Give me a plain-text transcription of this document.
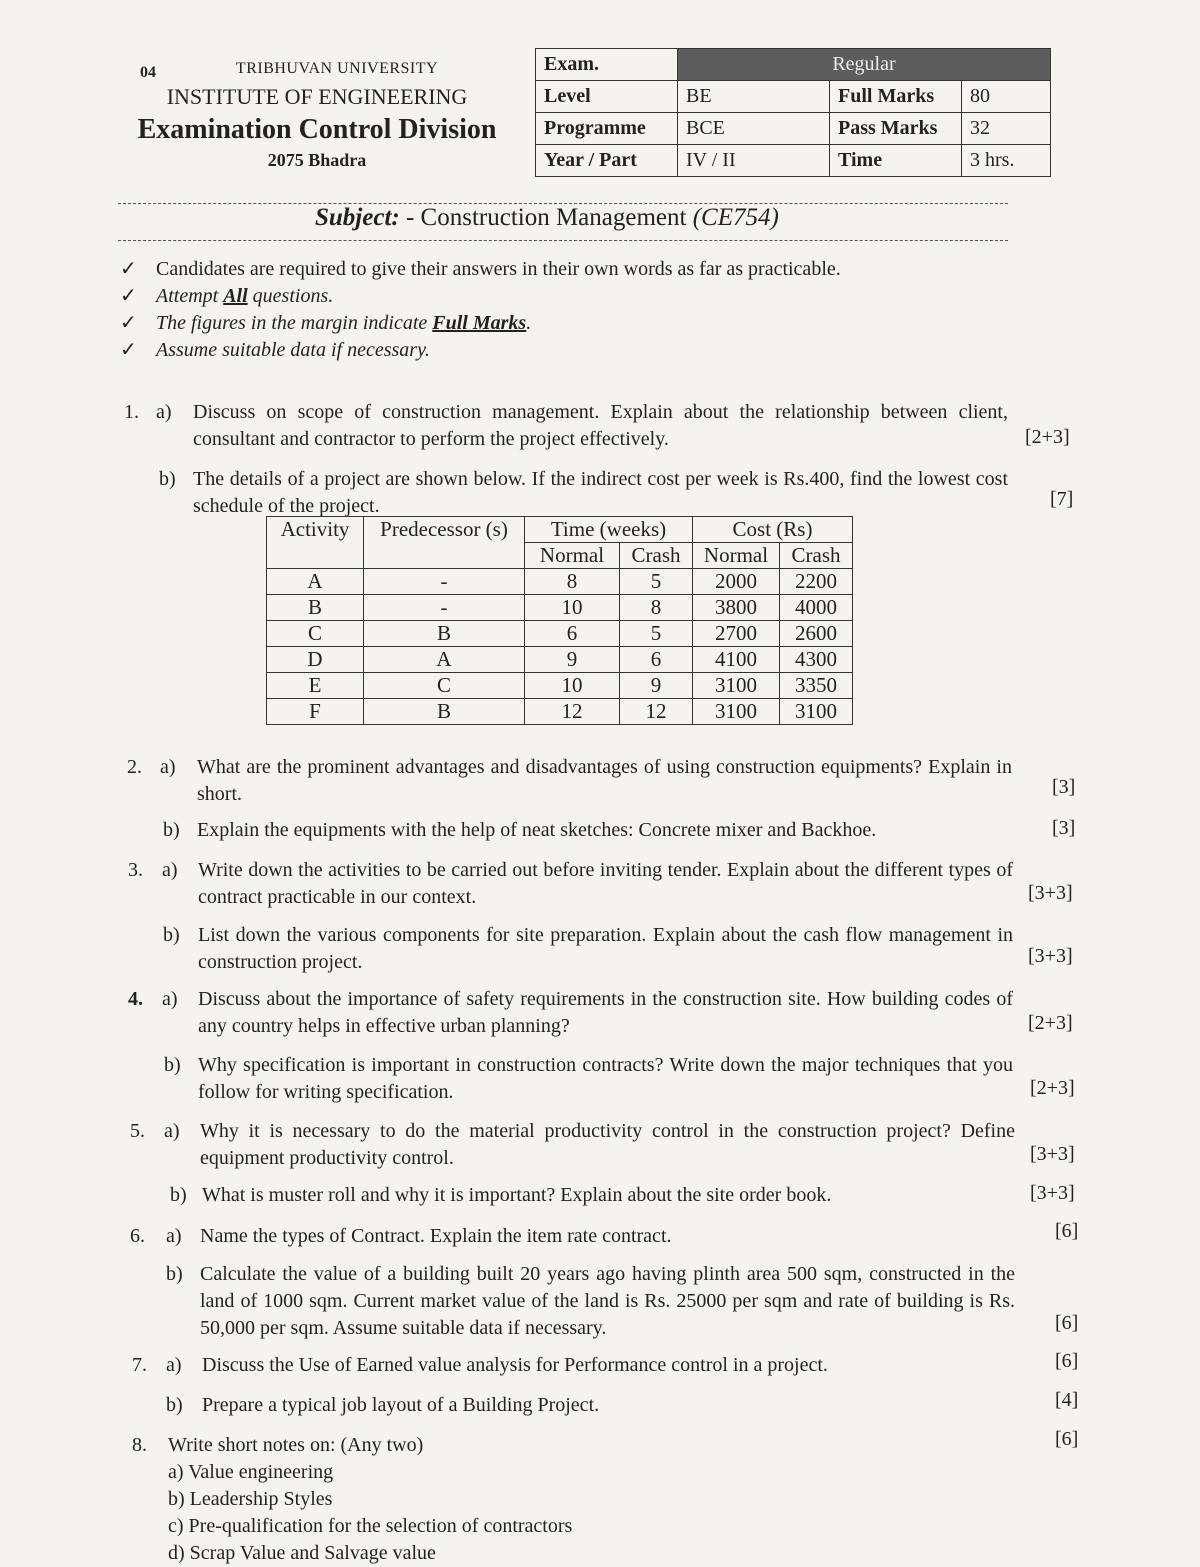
04	TRIBHUVAN UNIVERSITY
INSTITUTE OF ENGINEERING
Examination Control Division
2075 Bhadra
Exam.	Regular		
Level	BE	Full Marks	80
Programme	BCE	Pass Marks	32
Year / Part	IV / II	Time	3 hrs.
Subject: - Construction Management (CE754)
✓ Candidates are required to give their answers in their own words as far as practicable.
✓ Attempt All questions.
✓ The figures in the margin indicate Full Marks.
✓ Assume suitable data if necessary.
1. a) Discuss on scope of construction management. Explain about the relationship between client, consultant and contractor to perform the project effectively.	[2+3]
b) The details of a project are shown below. If the indirect cost per week is Rs.400, find the lowest cost schedule of the project.	[7]
Activity	Predecessor (s)	Time (weeks)		Cost (Rs)	
		Normal	Crash	Normal	Crash
A	-	8	5	2000	2200
B	-	10	8	3800	4000
C	B	6	5	2700	2600
D	A	9	6	4100	4300
E	C	10	9	3100	3350
F	B	12	12	3100	3100
2. a) What are the prominent advantages and disadvantages of using construction equipments? Explain in short.	[3]
b) Explain the equipments with the help of neat sketches: Concrete mixer and Backhoe.	[3]
3. a) Write down the activities to be carried out before inviting tender. Explain about the different types of contract practicable in our context.	[3+3]
b) List down the various components for site preparation. Explain about the cash flow management in construction project.	[3+3]
4. a) Discuss about the importance of safety requirements in the construction site. How building codes of any country helps in effective urban planning?	[2+3]
b) Why specification is important in construction contracts? Write down the major techniques that you follow for writing specification.	[2+3]
5. a) Why it is necessary to do the material productivity control in the construction project? Define equipment productivity control.	[3+3]
b) What is muster roll and why it is important? Explain about the site order book.	[3+3]
6. a) Name the types of Contract. Explain the item rate contract.	[6]
b) Calculate the value of a building built 20 years ago having plinth area 500 sqm, constructed in the land of 1000 sqm. Current market value of the land is Rs. 25000 per sqm and rate of building is Rs. 50,000 per sqm. Assume suitable data if necessary.	[6]
7. a) Discuss the Use of Earned value analysis for Performance control in a project.	[6]
b) Prepare a typical job layout of a Building Project.	[4]
8. Write short notes on: (Any two)	[6]
a) Value engineering
b) Leadership Styles
c) Pre-qualification for the selection of contractors
d) Scrap Value and Salvage value
